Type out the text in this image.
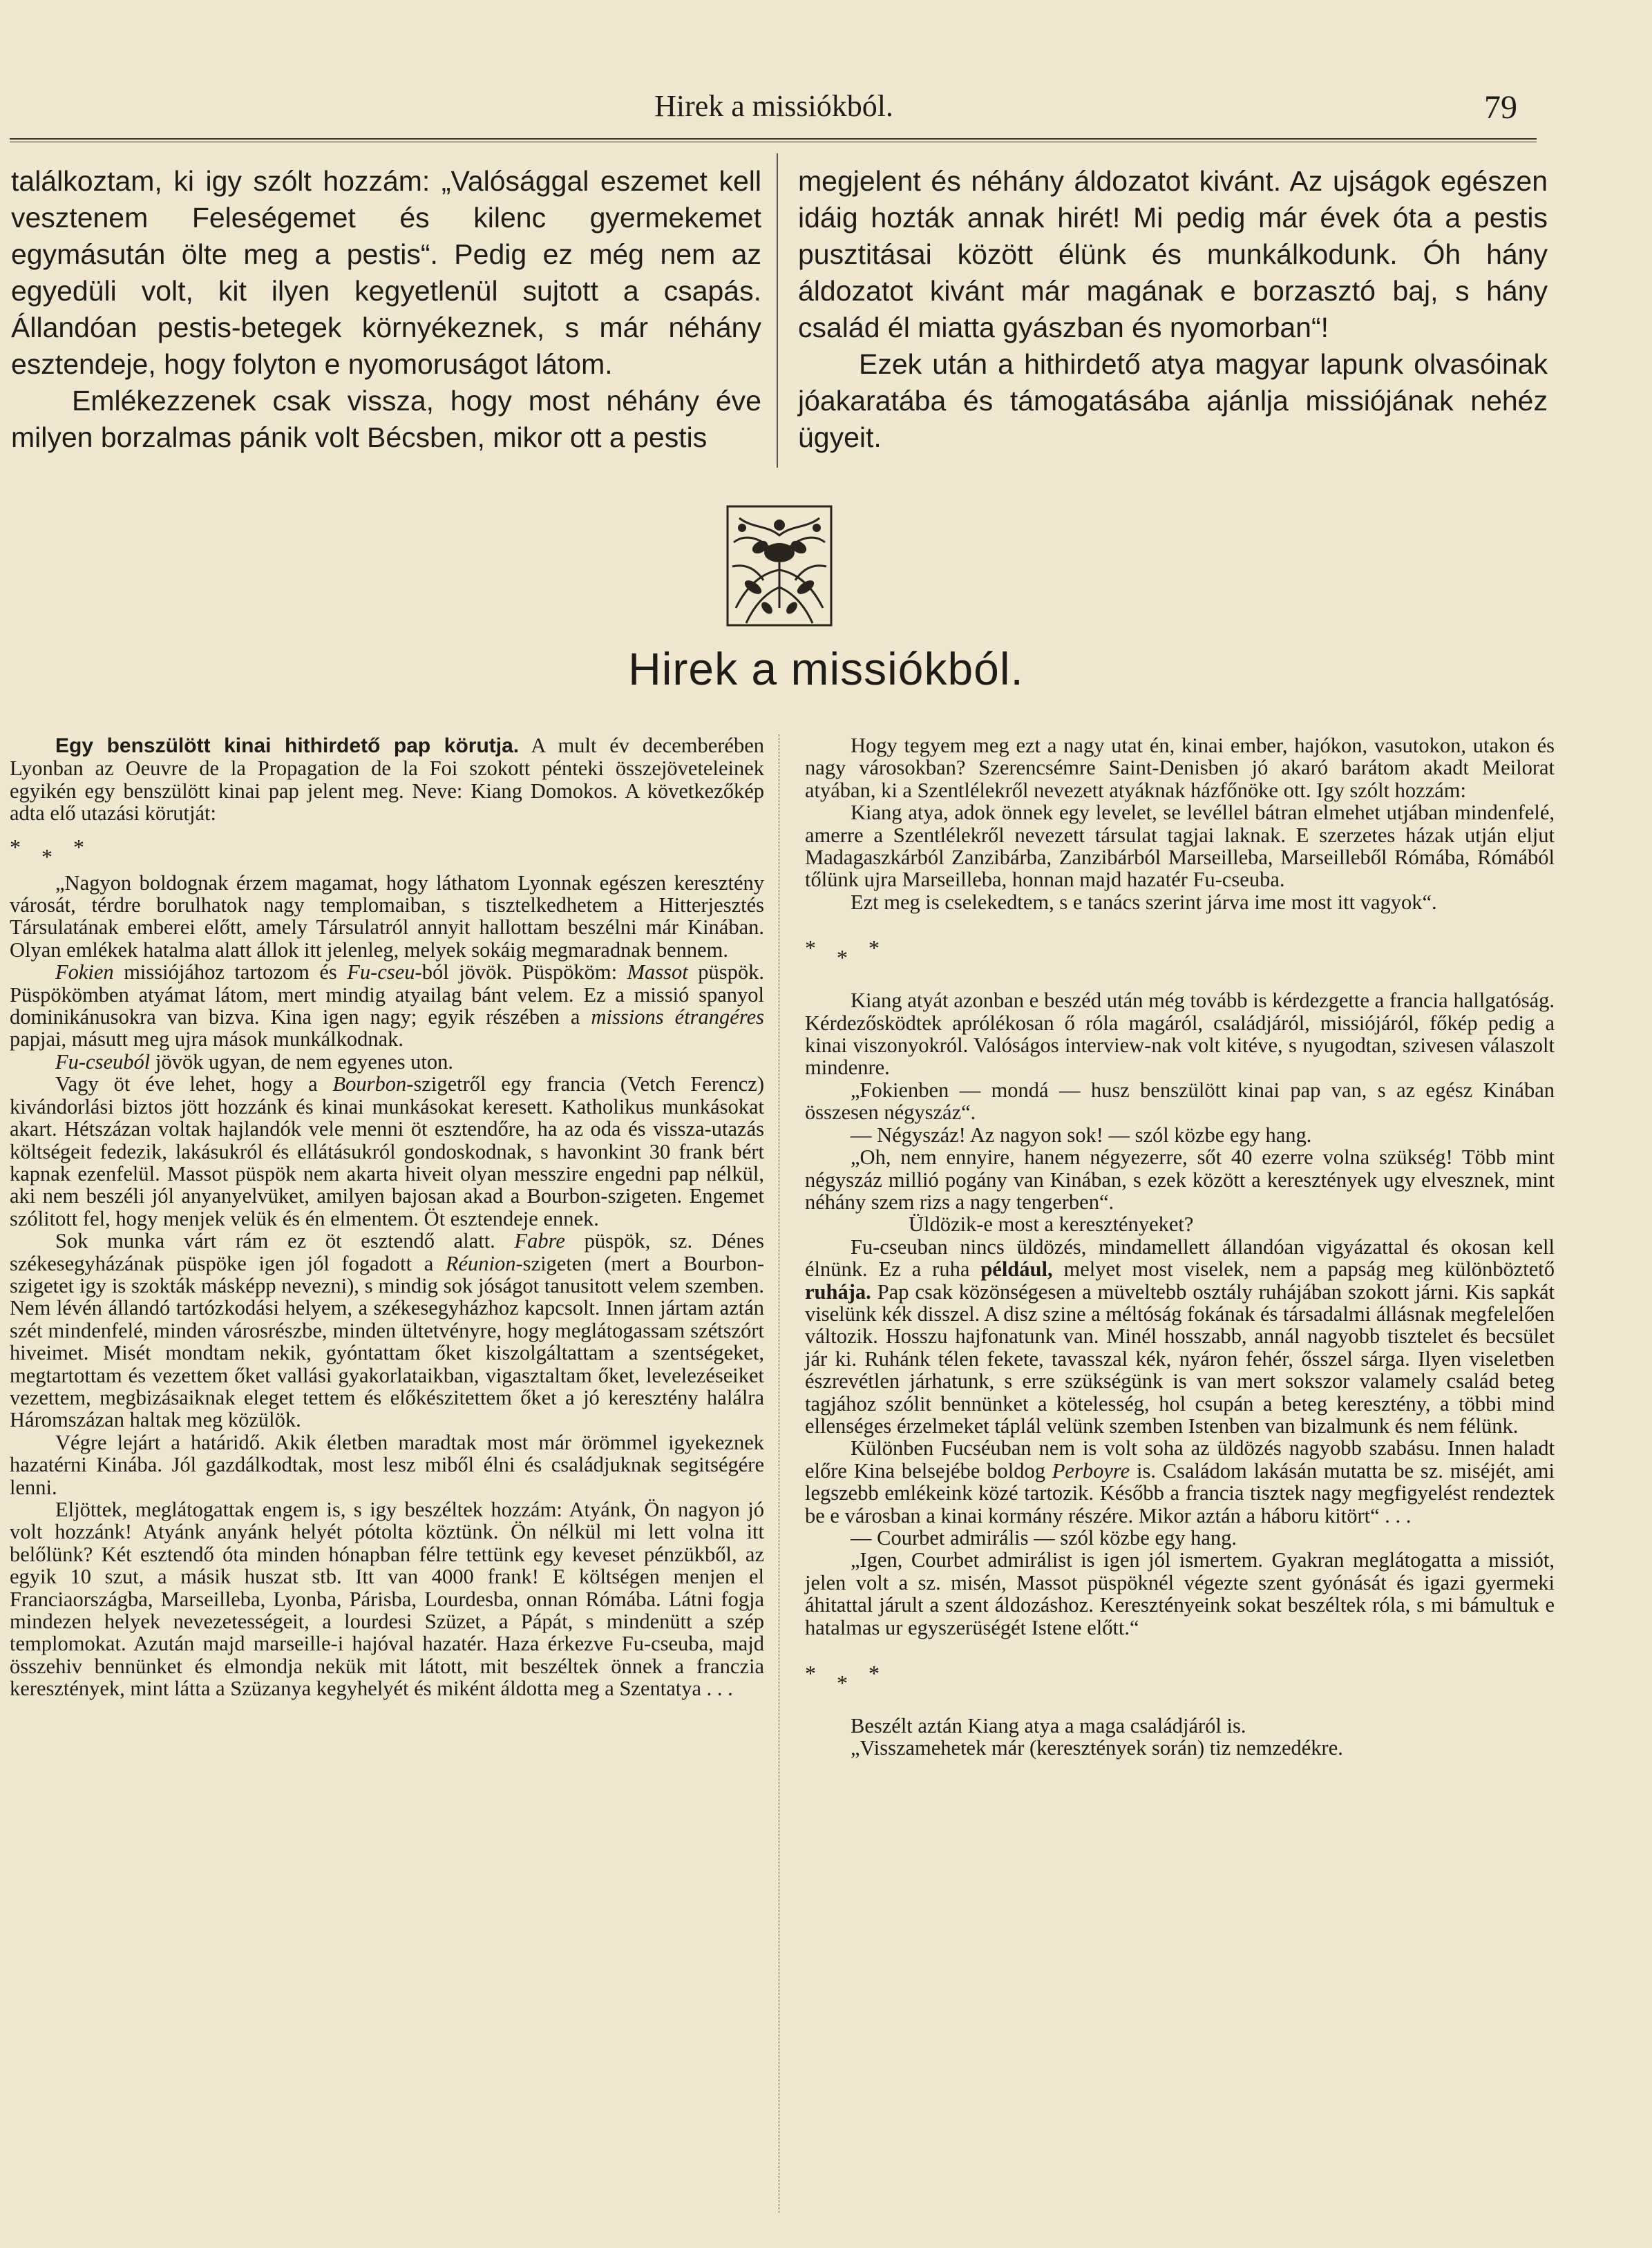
Hirek a missiókból.	79

találkoztam, ki igy szólt hozzám: „Valósággal eszemet kell vesztenem Feleségemet és kilenc gyermekemet egymásután ölte meg a pestis“. Pedig ez még nem az egyedüli volt, kit ilyen kegyetlenül sujtott a csapás. Állandóan pestis-betegek környékeznek, s már néhány esztendeje, hogy folyton e nyomoruságot látom.

Emlékezzenek csak vissza, hogy most néhány éve milyen borzalmas pánik volt Bécsben, mikor ott a pestis

megjelent és néhány áldozatot kivánt. Az ujságok egészen idáig hozták annak hirét! Mi pedig már évek óta a pestis pusztitásai között élünk és munkálkodunk. Óh hány áldozatot kivánt már magának e borzasztó baj, s hány család él miatta gyászban és nyomorban“!

Ezek után a hithirdető atya magyar lapunk olvasóinak jóakaratába és támogatásába ajánlja missiójának nehéz ügyeit.

Hirek a missiókból.

Egy benszülött kinai hithirdető pap körutja. A mult év decemberében Lyonban az Oeuvre de la Propagation de la Foi szokott pénteki összejöveteleinek egyikén egy benszülött kinai pap jelent meg. Neve: Kiang Domokos. A következőkép adta elő utazási körutját:

***

„Nagyon boldognak érzem magamat, hogy láthatom Lyonnak egészen keresztény városát, térdre borulhatok nagy templomaiban, s tisztelkedhetem a Hitterjesztés Társulatának emberei előtt, amely Társulatról annyit hallottam beszélni már Kinában. Olyan emlékek hatalma alatt állok itt jelenleg, melyek sokáig megmaradnak bennem.

Fokien missiójához tartozom és Fu-cseu-ból jövök. Püspököm: Massot püspök. Püspökömben atyámat látom, mert mindig atyailag bánt velem. Ez a missió spanyol dominikánusokra van bizva. Kina igen nagy; egyik részében a missions étrangéres papjai, másutt meg ujra mások munkálkodnak.

Fu-cseuból jövök ugyan, de nem egyenes uton.

Vagy öt éve lehet, hogy a Bourbon-szigetről egy francia (Vetch Ferencz) kivándorlási biztos jött hozzánk és kinai munkásokat keresett. Katholikus munkásokat akart. Hétszázan voltak hajlandók vele menni öt esztendőre, ha az oda és vissza-utazás költségeit fedezik, lakásukról és ellátásukról gondoskodnak, s havonkint 30 frank bért kapnak ezenfelül. Massot püspök nem akarta hiveit olyan messzire engedni pap nélkül, aki nem beszéli jól anyanyelvüket, amilyen bajosan akad a Bourbon-szigeten. Engemet szólitott fel, hogy menjek velük és én elmentem. Öt esztendeje ennek.

Sok munka várt rám ez öt esztendő alatt. Fabre püspök, sz. Dénes székesegyházának püspöke igen jól fogadott a Réunion-szigeten (mert a Bourbon-szigetet igy is szokták másképp nevezni), s mindig sok jóságot tanusitott velem szemben. Nem lévén állandó tartózkodási helyem, a székesegyházhoz kapcsolt. Innen jártam aztán szét mindenfelé, minden városrészbe, minden ültetvényre, hogy meglátogassam szétszórt hiveimet. Misét mondtam nekik, gyóntattam őket kiszolgáltattam a szentségeket, megtartottam és vezettem őket vallási gyakorlataikban, vigasztaltam őket, levelezéseiket vezettem, megbizásaiknak eleget tettem és előkészitettem őket a jó keresztény halálra Háromszázan haltak meg közülök.

Végre lejárt a határidő. Akik életben maradtak most már örömmel igyekeznek hazatérni Kinába. Jól gazdálkodtak, most lesz miből élni és családjuknak segitségére lenni.

Eljöttek, meglátogattak engem is, s igy beszéltek hozzám: Atyánk, Ön nagyon jó volt hozzánk! Atyánk anyánk helyét pótolta köztünk. Ön nélkül mi lett volna itt belőlünk? Két esztendő óta minden hónapban félre tettünk egy keveset pénzükből, az egyik 10 szut, a másik huszat stb. Itt van 4000 frank! E költségen menjen el Franciaországba, Marseilleba, Lyonba, Párisba, Lourdesba, onnan Rómába. Látni fogja mindezen helyek nevezetességeit, a lourdesi Szüzet, a Pápát, s mindenütt a szép templomokat. Azután majd marseille-i hajóval hazatér. Haza érkezve Fu-cseuba, majd összehiv bennünket és elmondja nekük mit látott, mit beszéltek önnek a franczia keresztények, mint látta a Szüzanya kegyhelyét és miként áldotta meg a Szentatya . . .

Hogy tegyem meg ezt a nagy utat én, kinai ember, hajókon, vasutokon, utakon és nagy városokban? Szerencsémre Saint-Denisben jó akaró barátom akadt Meilorat atyában, ki a Szentlélekről nevezett atyáknak házfőnöke ott. Igy szólt hozzám:

Kiang atya, adok önnek egy levelet, se levéllel bátran elmehet utjában mindenfelé, amerre a Szentlélekről nevezett társulat tagjai laknak. E szerzetes házak utján eljut Madagaszkárból Zanzibárba, Zanzibárból Marseilleba, Marseilleből Rómába, Rómából tőlünk ujra Marseilleba, honnan majd hazatér Fu-cseuba.

Ezt meg is cselekedtem, s e tanács szerint járva ime most itt vagyok“.

***

Kiang atyát azonban e beszéd után még tovább is kérdezgette a francia hallgatóság. Kérdezősködtek aprólékosan ő róla magáról, családjáról, missiójáról, főkép pedig a kinai viszonyokról. Valóságos interview-nak volt kitéve, s nyugodtan, szivesen válaszolt mindenre.

„Fokienben — mondá — husz benszülött kinai pap van, s az egész Kinában összesen négyszáz“.

— Négyszáz! Az nagyon sok! — szól közbe egy hang.

„Oh, nem ennyire, hanem négyezerre, sőt 40 ezerre volna szükség! Több mint négyszáz millió pogány van Kinában, s ezek között a keresztények ugy elvesznek, mint néhány szem rizs a nagy tengerben“.

Üldözik-e most a keresztényeket?

Fu-cseuban nincs üldözés, mindamellett állandóan vigyázattal és okosan kell élnünk. Ez a ruha például, melyet most viselek, nem a papság meg különböztető ruhája. Pap csak közönségesen a müveltebb osztály ruhájában szokott járni. Kis sapkát viselünk kék disszel. A disz szine a méltóság fokának és társadalmi állásnak megfelelően változik. Hosszu hajfonatunk van. Minél hosszabb, annál nagyobb tisztelet és becsület jár ki. Ruhánk télen fekete, tavasszal kék, nyáron fehér, ősszel sárga. Ilyen viseletben észrevétlen járhatunk, s erre szükségünk is van mert sokszor valamely család beteg tagjához szólit bennünket a kötelesség, hol csupán a beteg keresztény, a többi mind ellenséges érzelmeket táplál velünk szemben Istenben van bizalmunk és nem félünk.

Különben Fucséuban nem is volt soha az üldözés nagyobb szabásu. Innen haladt előre Kina belsejébe boldog Perboyre is. Családom lakásán mutatta be sz. miséjét, ami legszebb emlékeink közé tartozik. Később a francia tisztek nagy megfigyelést rendeztek be e városban a kinai kormány részére. Mikor aztán a háboru kitört“ . . .

— Courbet admirális — szól közbe egy hang.

„Igen, Courbet admirálist is igen jól ismertem. Gyakran meglátogatta a missiót, jelen volt a sz. misén, Massot püspöknél végezte szent gyónását és igazi gyermeki áhitattal járult a szent áldozáshoz. Keresztényeink sokat beszéltek róla, s mi bámultuk e hatalmas ur egyszerüségét Istene előtt.“

***

Beszélt aztán Kiang atya a maga családjáról is.

„Visszamehetek már (keresztények során) tiz nemzedékre.
